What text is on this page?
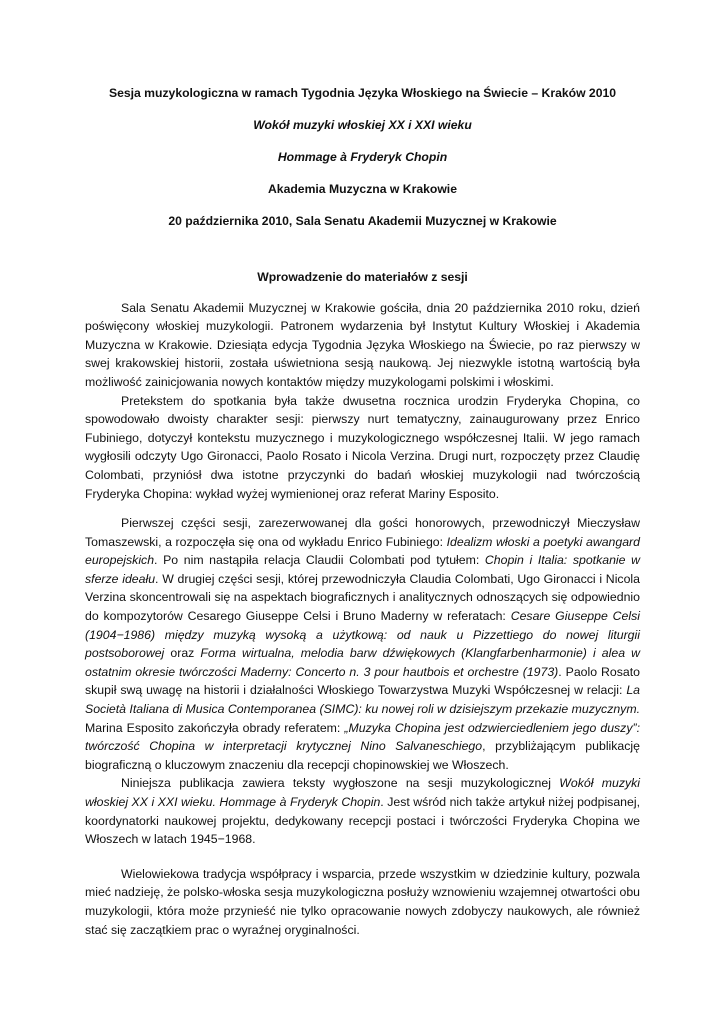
Sesja muzykologiczna w ramach Tygodnia Języka Włoskiego na Świecie – Kraków 2010
Wokół muzyki włoskiej XX i XXI wieku
Hommage à Fryderyk Chopin
Akademia Muzyczna w Krakowie
20 października 2010, Sala Senatu Akademii Muzycznej w Krakowie
Wprowadzenie do materiałów z sesji

Sala Senatu Akademii Muzycznej w Krakowie gościła, dnia 20 października 2010 roku, dzień poświęcony włoskiej muzykologii. Patronem wydarzenia był Instytut Kultury Włoskiej i Akademia Muzyczna w Krakowie. Dziesiąta edycja Tygodnia Języka Włoskiego na Świecie, po raz pierwszy w swej krakowskiej historii, została uświetniona sesją naukową. Jej niezwykle istotną wartością była możliwość zainicjowania nowych kontaktów między muzykologami polskimi i włoskimi.

Pretekstem do spotkania była także dwusetna rocznica urodzin Fryderyka Chopina, co spowodowało dwoisty charakter sesji: pierwszy nurt tematyczny, zainaugurowany przez Enrico Fubiniego, dotyczył kontekstu muzycznego i muzykologicznego współczesnej Italii. W jego ramach wygłosili odczyty Ugo Gironacci, Paolo Rosato i Nicola Verzina. Drugi nurt, rozpoczęty przez Claudię Colombati, przyniósł dwa istotne przyczynki do badań włoskiej muzykologii nad twórczością Fryderyka Chopina: wykład wyżej wymienionej oraz referat Mariny Esposito.

Pierwszej części sesji, zarezerwowanej dla gości honorowych, przewodniczył Mieczysław Tomaszewski, a rozpoczęła się ona od wykładu Enrico Fubiniego: Idealizm włoski a poetyki awangard europejskich. Po nim nastąpiła relacja Claudii Colombati pod tytułem: Chopin i Italia: spotkanie w sferze ideału. W drugiej części sesji, której przewodniczyła Claudia Colombati, Ugo Gironacci i Nicola Verzina skoncentrowali się na aspektach biograficznych i analitycznych odnoszących się odpowiednio do kompozytorów Cesarego Giuseppe Celsi i Bruno Maderny w referatach: Cesare Giuseppe Celsi (1904−1986) między muzyką wysoką a użytkową: od nauk u Pizzettiego do nowej liturgii postsoborowej oraz Forma wirtualna, melodia barw dźwiękowych (Klangfarbenharmonie) i alea w ostatnim okresie twórczości Maderny: Concerto n. 3 pour hautbois et orchestre (1973). Paolo Rosato skupił swą uwagę na historii i działalności Włoskiego Towarzystwa Muzyki Współczesnej w relacji: La Società Italiana di Musica Contemporanea (SIMC): ku nowej roli w dzisiejszym przekazie muzycznym. Marina Esposito zakończyła obrady referatem: „Muzyka Chopina jest odzwierciedleniem jego duszy”: twórczość Chopina w interpretacji krytycznej Nino Salvaneschiego, przybliżającym publikację biograficzną o kluczowym znaczeniu dla recepcji chopinowskiej we Włoszech.

Niniejsza publikacja zawiera teksty wygłoszone na sesji muzykologicznej Wokół muzyki włoskiej XX i XXI wieku. Hommage à Fryderyk Chopin. Jest wśród nich także artykuł niżej podpisanej, koordynatorki naukowej projektu, dedykowany recepcji postaci i twórczości Fryderyka Chopina we Włoszech w latach 1945−1968.

Wielowiekowa tradycja współpracy i wsparcia, przede wszystkim w dziedzinie kultury, pozwala mieć nadzieję, że polsko-włoska sesja muzykologiczna posłuży wznowieniu wzajemnej otwartości obu muzykologii, która może przynieść nie tylko opracowanie nowych zdobyczy naukowych, ale również stać się zaczątkiem prac o wyraźnej oryginalności.
